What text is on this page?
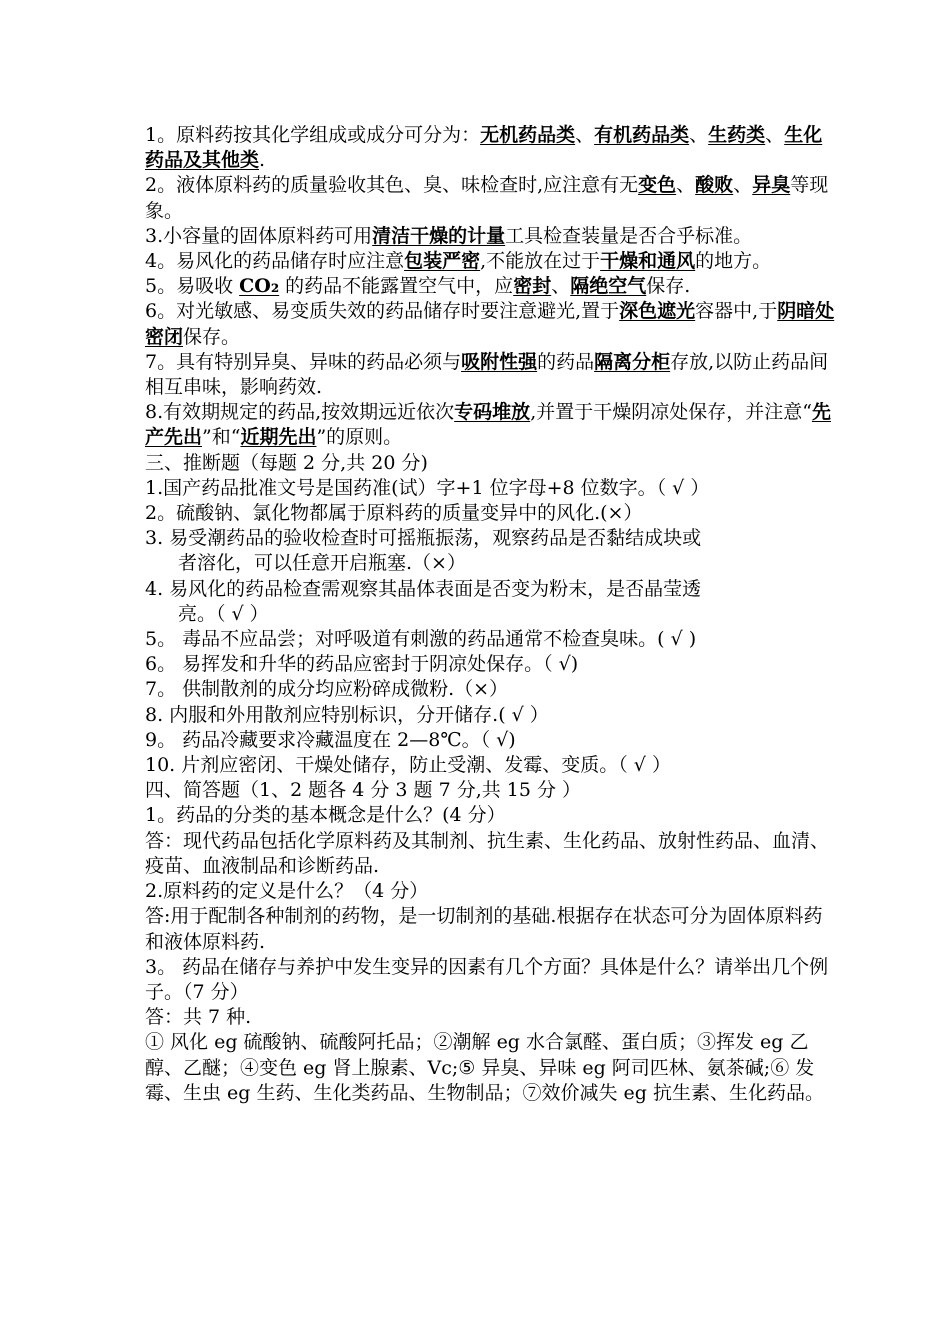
1。原料药按其化学组成或成分可分为：无机药品类、有机药品类、生药类、生化药品及其他类.

2。液体原料药的质量验收其色、臭、味检查时,应注意有无变色、酸败、异臭等现象。

3.小容量的固体原料药可用清洁干燥的计量工具检查装量是否合乎标准。

4。易风化的药品储存时应注意包装严密,不能放在过于干燥和通风的地方。

5。易吸收 CO₂ 的药品不能露置空气中，应密封、隔绝空气保存.

6。对光敏感、易变质失效的药品储存时要注意避光,置于深色遮光容器中,于阴暗处密闭保存。

7。具有特别异臭、异味的药品必须与吸附性强的药品隔离分柜存放,以防止药品间相互串味，影响药效.

8.有效期规定的药品,按效期远近依次专码堆放,并置于干燥阴凉处保存，并注意“先产先出”和“近期先出”的原则。

三、推断题（每题 2 分,共 20 分)

1.国产药品批准文号是国药准(试）字+1 位字母+8 位数字。（ √ ）

2。硫酸钠、氯化物都属于原料药的质量变异中的风化.(×）

3. 易受潮药品的验收检查时可摇瓶振荡，观察药品是否黏结成块或

者溶化，可以任意开启瓶塞.（×）

4. 易风化的药品检查需观察其晶体表面是否变为粉末，是否晶莹透

亮。（ √ ）

5。 毒品不应品尝；对呼吸道有刺激的药品通常不检查臭味。( √ )

6。 易挥发和升华的药品应密封于阴凉处保存。（ √)

7。 供制散剂的成分均应粉碎成微粉.（×）

8. 内服和外用散剂应特别标识，分开储存.( √ ）

9。 药品冷藏要求冷藏温度在 2—8℃。（ √)

10. 片剂应密闭、干燥处储存，防止受潮、发霉、变质。（ √ ）

四、简答题（1、2 题各 4 分 3 题 7 分,共 15 分 ）

1。药品的分类的基本概念是什么？(4 分）

答：现代药品包括化学原料药及其制剂、抗生素、生化药品、放射性药品、血清、疫苗、血液制品和诊断药品.

2.原料药的定义是什么？（4 分）

答:用于配制各种制剂的药物，是一切制剂的基础.根据存在状态可分为固体原料药和液体原料药.

3。 药品在储存与养护中发生变异的因素有几个方面？具体是什么？请举出几个例子。（7 分）

答：共 7 种.

① 风化 eg 硫酸钠、硫酸阿托品；②潮解 eg 水合氯醛、蛋白质；③挥发 eg 乙醇、乙醚；④变色 eg 肾上腺素、Vc;⑤ 异臭、异味 eg 阿司匹林、氨茶碱;⑥ 发霉、生虫 eg 生药、生化类药品、生物制品；⑦效价减失 eg 抗生素、生化药品。
